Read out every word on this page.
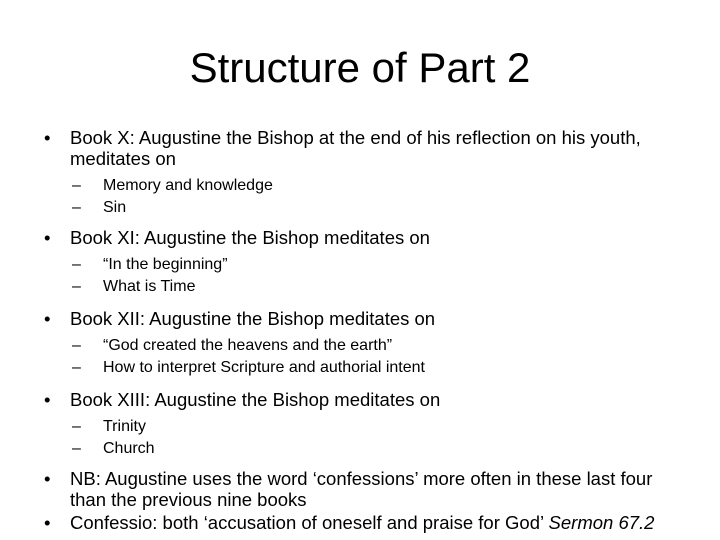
Structure of Part 2
• Book X: Augustine the Bishop at the end of his reflection on his youth, meditates on
– Memory and knowledge
– Sin
• Book XI: Augustine the Bishop meditates on
– “In the beginning”
– What is Time
• Book XII: Augustine the Bishop meditates on
– “God created the heavens and the earth”
– How to interpret Scripture and authorial intent
• Book XIII: Augustine the Bishop meditates on
– Trinity
– Church
• NB: Augustine uses the word ‘confessions’ more often in these last four than the previous nine books
• Confessio: both ‘accusation of oneself and praise for God’ Sermon 67.2
